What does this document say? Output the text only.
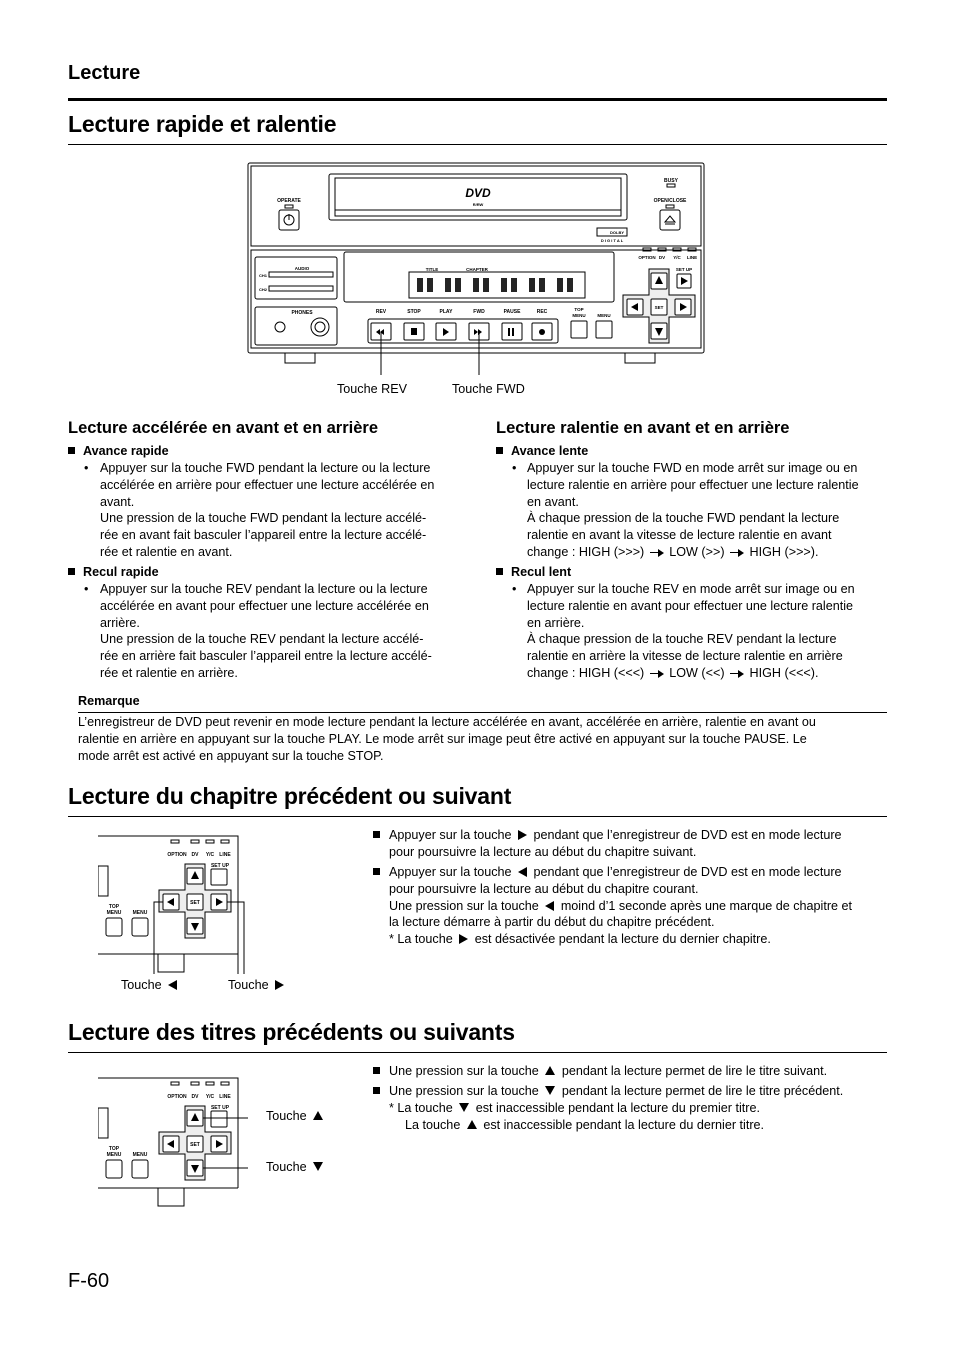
Lecture
Lecture rapide et ralentie
OPERATE
BUSY
OPEN/CLOSE
DVD
R/RW
DOLBY
D I G I T A L
AUDIO
CH1
CH2
PHONES
TITLE	CHAPTER
OPTION DV Y/C LINE
SET UP
SET
REV	STOP	PLAY	FWD	PAUSE	REC	TOP
MENU	MENU
Touche REV	Touche FWD
Lecture accélérée en avant et en arrière
Avance rapide
• Appuyer sur la touche FWD pendant la lecture ou la lecture
accélérée en arrière pour effectuer une lecture accélérée en
avant.
Une pression de la touche FWD pendant la lecture accélé-
rée en avant fait basculer l’appareil entre la lecture accélé-
rée et ralentie en avant.
Recul rapide
• Appuyer sur la touche REV pendant la lecture ou la lecture
accélérée en avant pour effectuer une lecture accélérée en
arrière.
Une pression de la touche REV pendant la lecture accélé-
rée en arrière fait basculer l’appareil entre la lecture accélé-
rée et ralentie en arrière.
Lecture ralentie en avant et en arrière
Avance lente
• Appuyer sur la touche FWD en mode arrêt sur image ou en
lecture ralentie en arrière pour effectuer une lecture ralentie
en avant.
À chaque pression de la touche FWD pendant la lecture
ralentie en avant la vitesse de lecture ralentie en avant
change : HIGH (>>>) LOW (>>) HIGH (>>>).
Recul lent
• Appuyer sur la touche REV en mode arrêt sur image ou en
lecture ralentie en avant pour effectuer une lecture ralentie
en arrière.
À chaque pression de la touche REV pendant la lecture
ralentie en arrière la vitesse de lecture ralentie en arrière
change : HIGH (<<<) LOW (<<) HIGH (<<<).
Remarque
L’enregistreur de DVD peut revenir en mode lecture pendant la lecture accélérée en avant, accélérée en arrière, ralentie en avant ou
ralentie en arrière en appuyant sur la touche PLAY. Le mode arrêt sur image peut être activé en appuyant sur la touche PAUSE. Le
mode arrêt est activé en appuyant sur la touche STOP.
Lecture du chapitre précédent ou suivant
OPTION DV Y/C LINE
SET UP
SET
TOP
MENU MENU
Touche	Touche
Appuyer sur la touche pendant que l’enregistreur de DVD est en mode lecture
pour poursuivre la lecture au début du chapitre suivant.
Appuyer sur la touche pendant que l’enregistreur de DVD est en mode lecture
pour poursuivre la lecture au début du chapitre courant.
Une pression sur la touche moind d’1 seconde après une marque de chapitre et
la lecture démarre à partir du début du chapitre précédent.
* La touche est désactivée pendant la lecture du dernier chapitre.
Lecture des titres précédents ou suivants
OPTION DV Y/C LINE
SET UP
SET
TOP
MENU MENU
Touche
Touche
Une pression sur la touche pendant la lecture permet de lire le titre suivant.
Une pression sur la touche pendant la lecture permet de lire le titre précédent.
* La touche est inaccessible pendant la lecture du premier titre.
La touche est inaccessible pendant la lecture du dernier titre.
F-60
